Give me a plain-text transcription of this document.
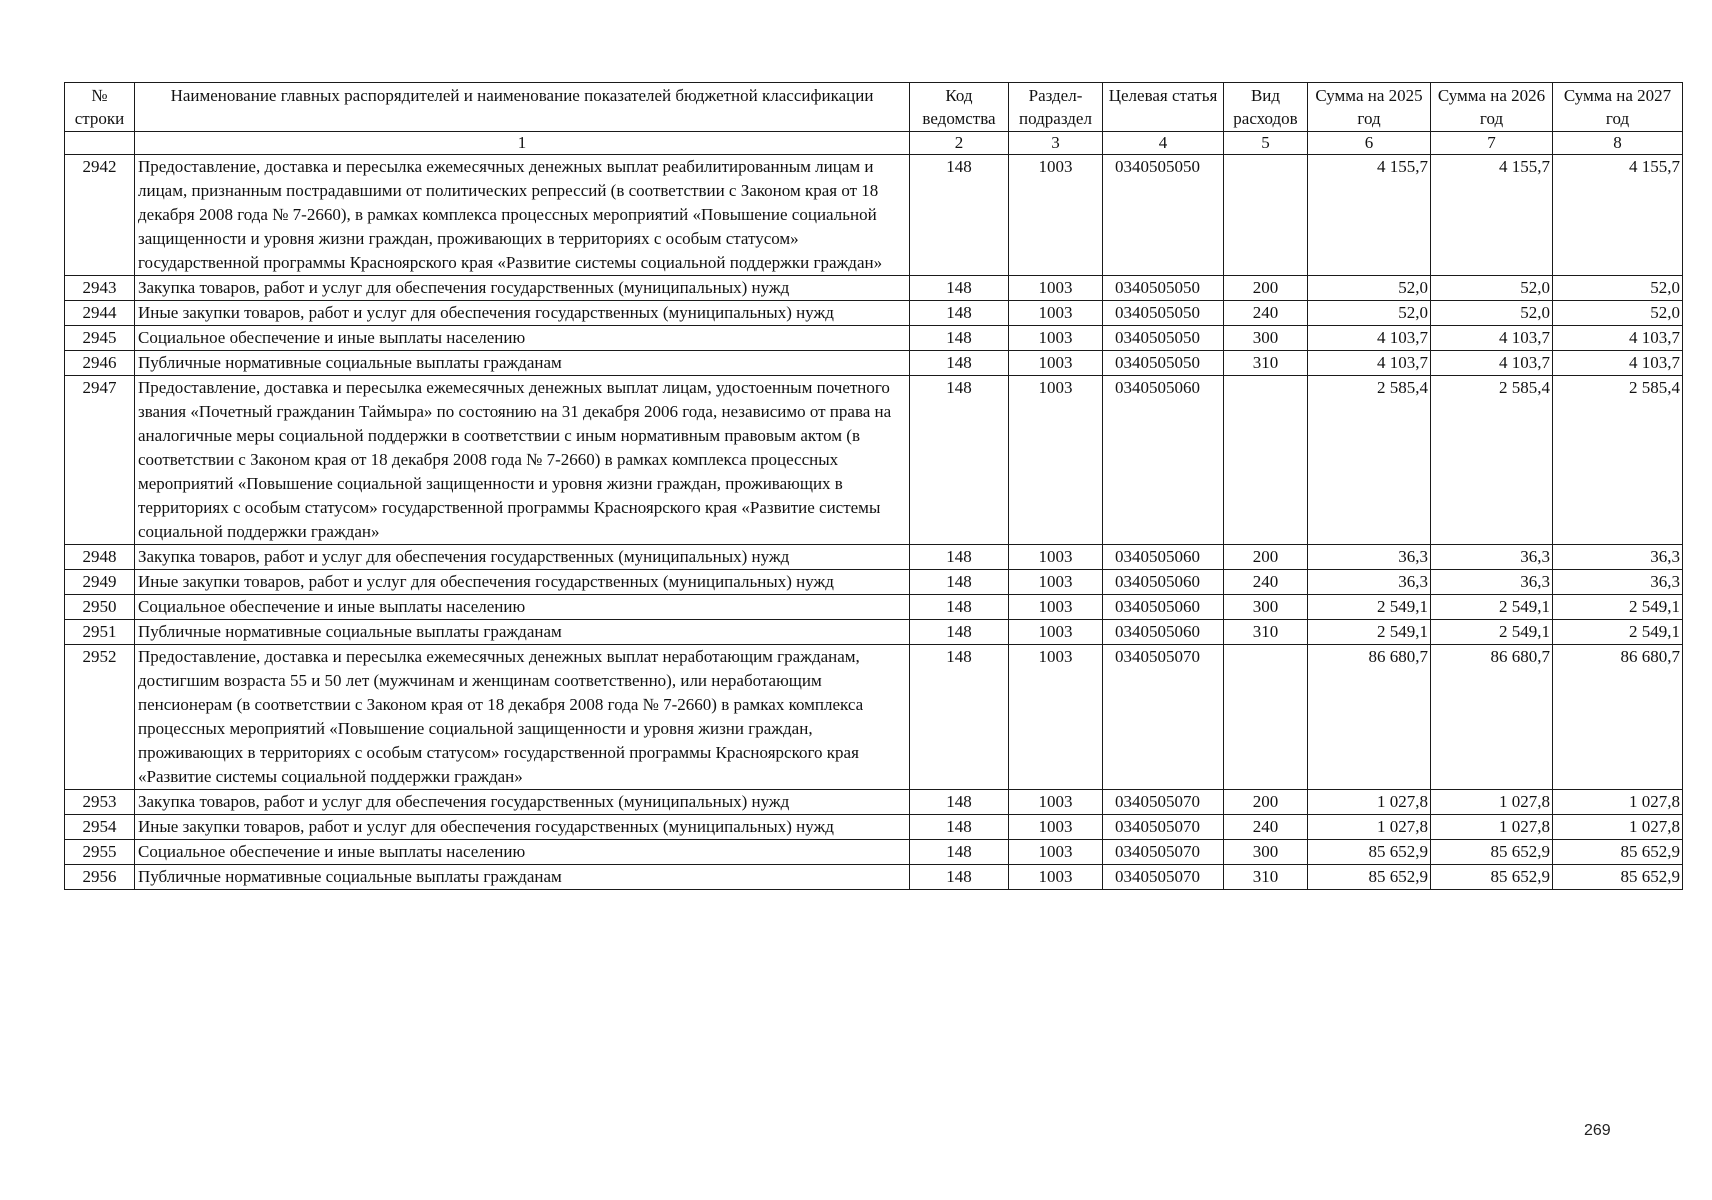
№ строки	Наименование главных распорядителей и наименование показателей бюджетной классификации	Код ведомства	Раздел-подраздел	Целевая статья	Вид расходов	Сумма на 2025 год	Сумма на 2026 год	Сумма на 2027 год
	1	2	3	4	5	6	7	8
2942	Предоставление, доставка и пересылка ежемесячных денежных выплат реабилитированным лицам и лицам, признанным пострадавшими от политических репрессий (в соответствии с Законом края от 18 декабря 2008 года № 7-2660), в рамках комплекса процессных мероприятий «Повышение социальной защищенности и уровня жизни граждан, проживающих в территориях с особым статусом» государственной программы Красноярского края «Развитие системы социальной поддержки граждан»	148	1003	0340505050		4 155,7	4 155,7	4 155,7
2943	Закупка товаров, работ и услуг для обеспечения государственных (муниципальных) нужд	148	1003	0340505050	200	52,0	52,0	52,0
2944	Иные закупки товаров, работ и услуг для обеспечения государственных (муниципальных) нужд	148	1003	0340505050	240	52,0	52,0	52,0
2945	Социальное обеспечение и иные выплаты населению	148	1003	0340505050	300	4 103,7	4 103,7	4 103,7
2946	Публичные нормативные социальные выплаты гражданам	148	1003	0340505050	310	4 103,7	4 103,7	4 103,7
2947	Предоставление, доставка и пересылка ежемесячных денежных выплат лицам, удостоенным почетного звания «Почетный гражданин Таймыра» по состоянию на 31 декабря 2006 года, независимо от права на аналогичные меры социальной поддержки в соответствии с иным нормативным правовым актом (в соответствии с Законом края от 18 декабря 2008 года № 7-2660) в рамках комплекса процессных мероприятий «Повышение социальной защищенности и уровня жизни граждан, проживающих в территориях с особым статусом» государственной программы Красноярского края «Развитие системы социальной поддержки граждан»	148	1003	0340505060		2 585,4	2 585,4	2 585,4
2948	Закупка товаров, работ и услуг для обеспечения государственных (муниципальных) нужд	148	1003	0340505060	200	36,3	36,3	36,3
2949	Иные закупки товаров, работ и услуг для обеспечения государственных (муниципальных) нужд	148	1003	0340505060	240	36,3	36,3	36,3
2950	Социальное обеспечение и иные выплаты населению	148	1003	0340505060	300	2 549,1	2 549,1	2 549,1
2951	Публичные нормативные социальные выплаты гражданам	148	1003	0340505060	310	2 549,1	2 549,1	2 549,1
2952	Предоставление, доставка и пересылка ежемесячных денежных выплат неработающим гражданам, достигшим возраста 55 и 50 лет (мужчинам и женщинам соответственно), или неработающим пенсионерам (в соответствии с Законом края от 18 декабря 2008 года № 7-2660) в рамках комплекса процессных мероприятий «Повышение социальной защищенности и уровня жизни граждан, проживающих в территориях с особым статусом» государственной программы Красноярского края «Развитие системы социальной поддержки граждан»	148	1003	0340505070		86 680,7	86 680,7	86 680,7
2953	Закупка товаров, работ и услуг для обеспечения государственных (муниципальных) нужд	148	1003	0340505070	200	1 027,8	1 027,8	1 027,8
2954	Иные закупки товаров, работ и услуг для обеспечения государственных (муниципальных) нужд	148	1003	0340505070	240	1 027,8	1 027,8	1 027,8
2955	Социальное обеспечение и иные выплаты населению	148	1003	0340505070	300	85 652,9	85 652,9	85 652,9
2956	Публичные нормативные социальные выплаты гражданам	148	1003	0340505070	310	85 652,9	85 652,9	85 652,9
269
